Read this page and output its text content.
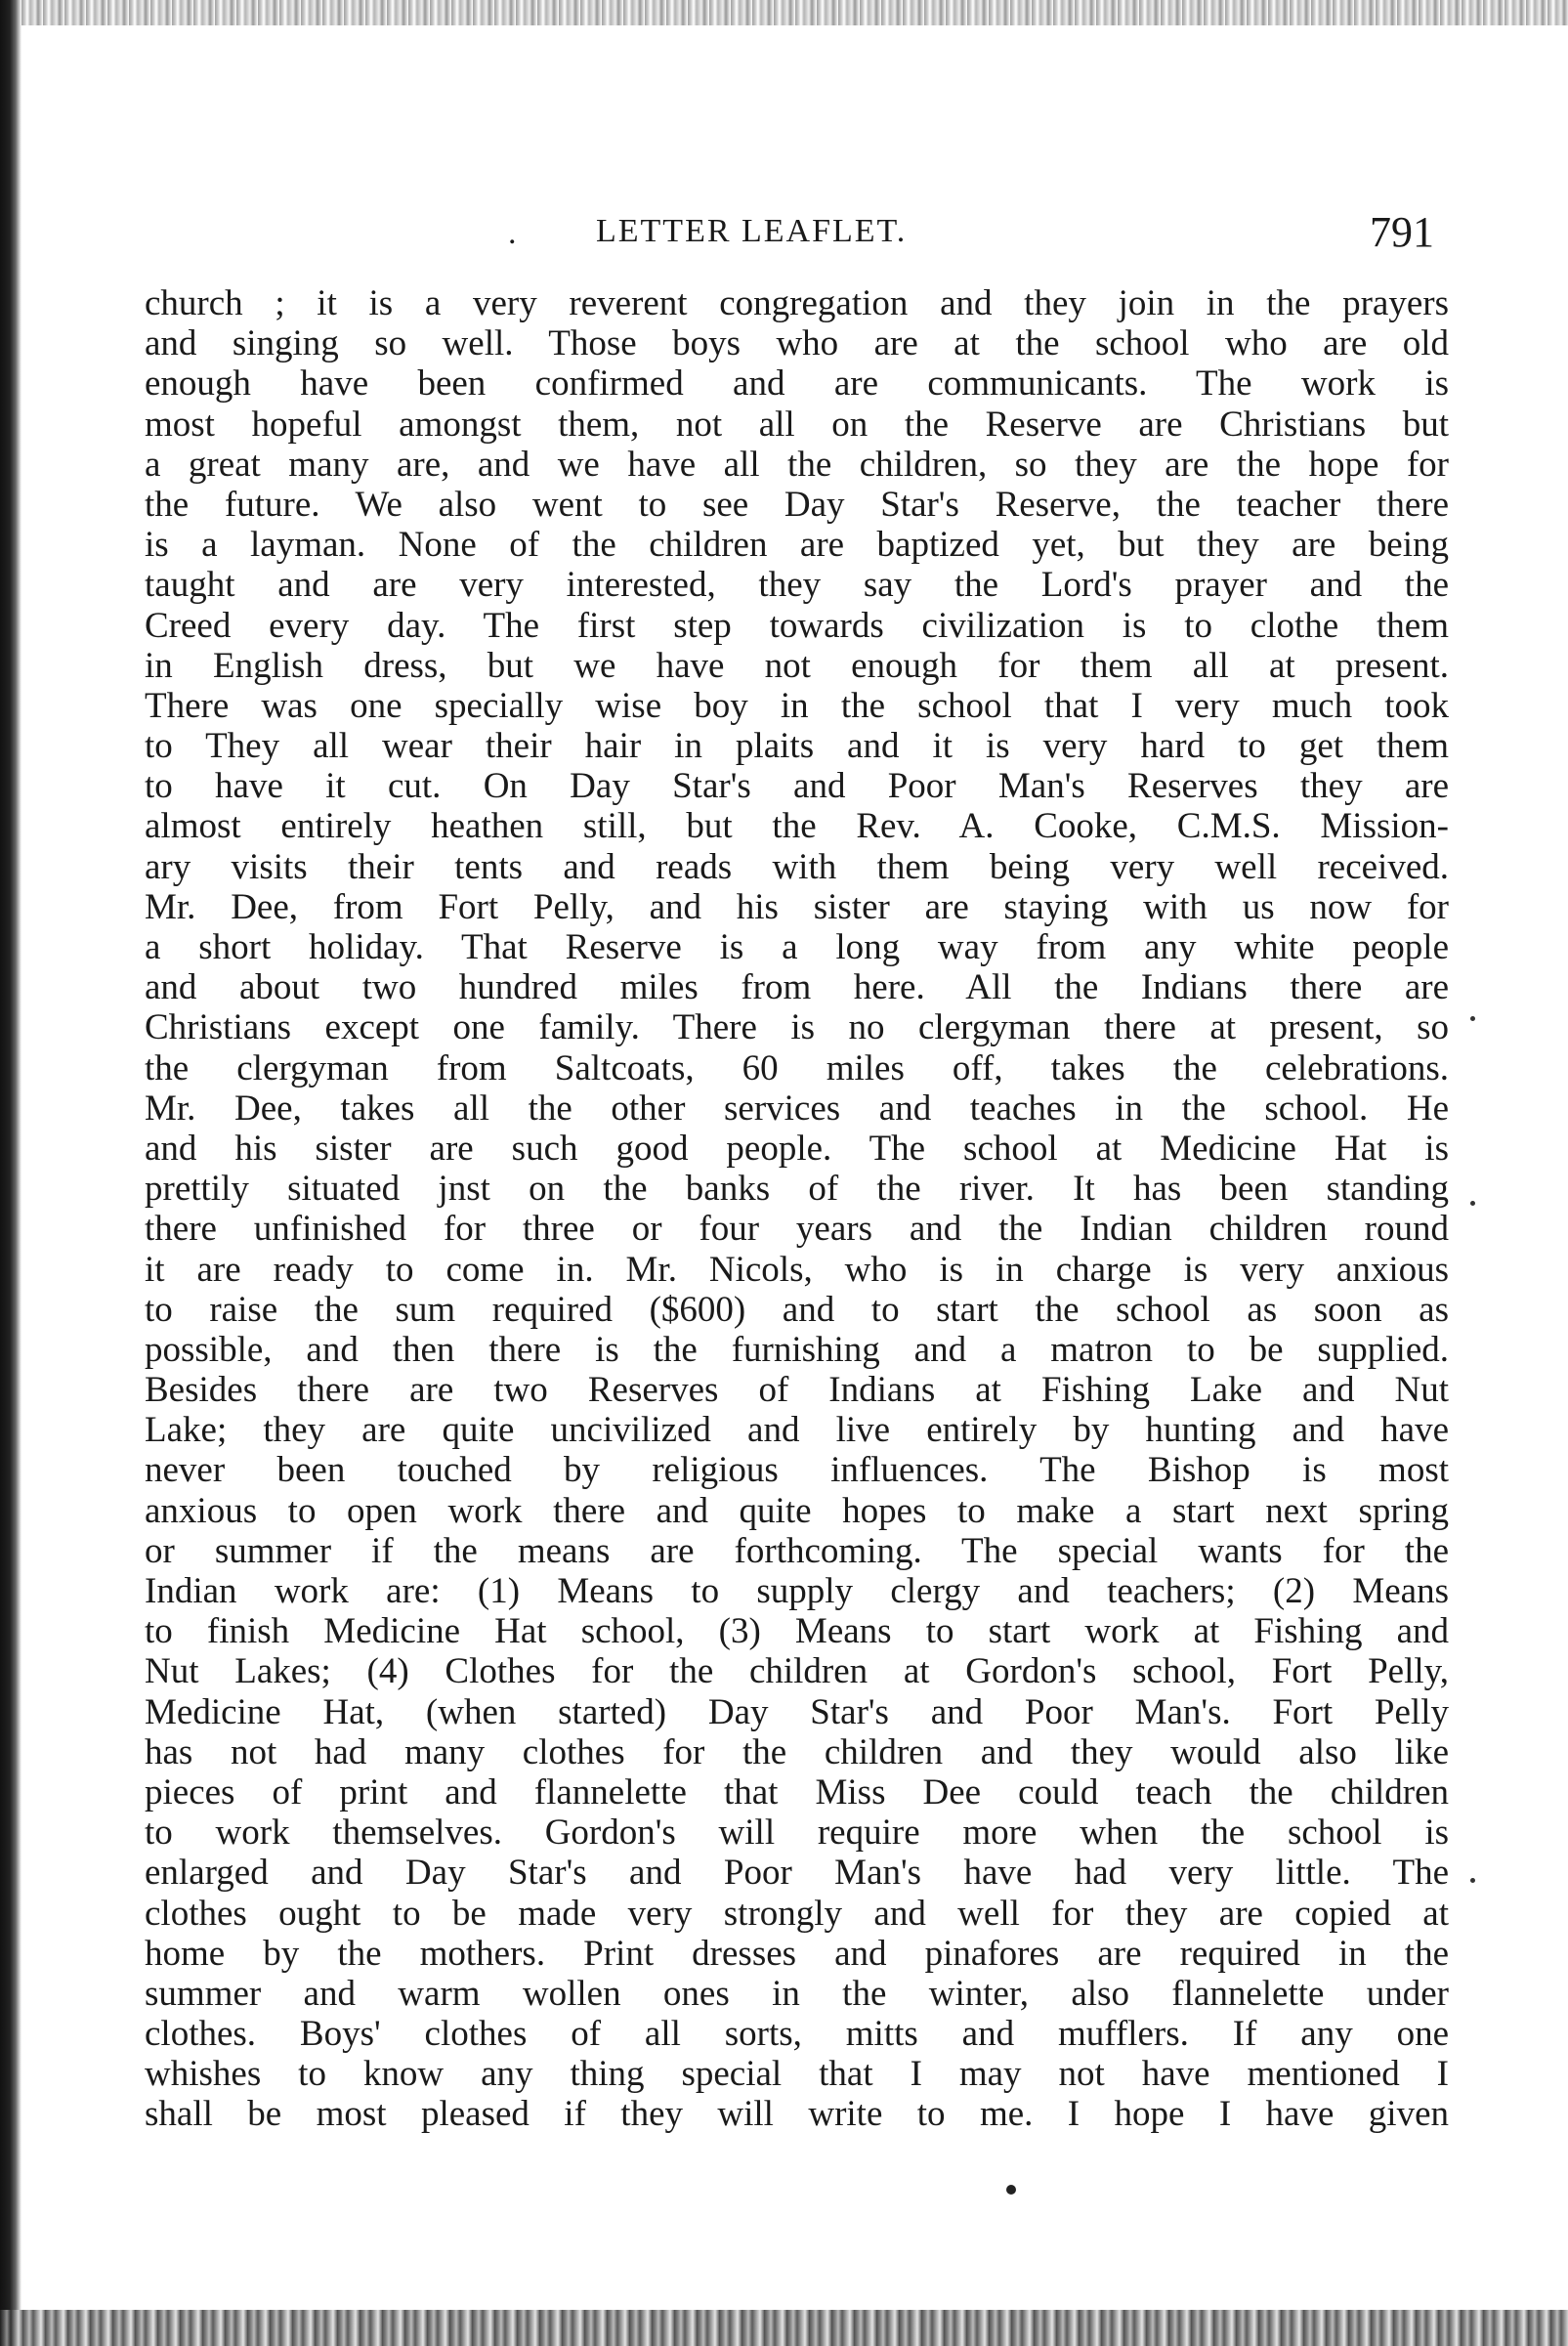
. LETTER LEAFLET.	791
church ; it is a very reverent congregation and they join in the prayers
and singing so well. Those boys who are at the school who are old
enough have been confirmed and are communicants. The work is
most hopeful amongst them, not all on the Reserve are Christians but
a great many are, and we have all the children, so they are the hope for
the future. We also went to see Day Star's Reserve, the teacher there
is a layman. None of the children are baptized yet, but they are being
taught and are very interested, they say the Lord's prayer and the
Creed every day. The first step towards civilization is to clothe them
in English dress, but we have not enough for them all at present.
There was one specially wise boy in the school that I very much took
to They all wear their hair in plaits and it is very hard to get them
to have it cut. On Day Star's and Poor Man's Reserves they are
almost entirely heathen still, but the Rev. A. Cooke, C.M.S. Mission-
ary visits their tents and reads with them being very well received.
Mr. Dee, from Fort Pelly, and his sister are staying with us now for
a short holiday. That Reserve is a long way from any white people
and about two hundred miles from here. All the Indians there are
Christians except one family. There is no clergyman there at present, so
the clergyman from Saltcoats, 60 miles off, takes the celebrations.
Mr. Dee, takes all the other services and teaches in the school. He
and his sister are such good people. The school at Medicine Hat is
prettily situated jnst on the banks of the river. It has been standing
there unfinished for three or four years and the Indian children round
it are ready to come in. Mr. Nicols, who is in charge is very anxious
to raise the sum required ($600) and to start the school as soon as
possible, and then there is the furnishing and a matron to be supplied.
Besides there are two Reserves of Indians at Fishing Lake and Nut
Lake; they are quite uncivilized and live entirely by hunting and have
never been touched by religious influences. The Bishop is most
anxious to open work there and quite hopes to make a start next spring
or summer if the means are forthcoming. The special wants for the
Indian work are: (1) Means to supply clergy and teachers; (2) Means
to finish Medicine Hat school, (3) Means to start work at Fishing and
Nut Lakes; (4) Clothes for the children at Gordon's school, Fort Pelly,
Medicine Hat, (when started) Day Star's and Poor Man's. Fort Pelly
has not had many clothes for the children and they would also like
pieces of print and flannelette that Miss Dee could teach the children
to work themselves. Gordon's will require more when the school is
enlarged and Day Star's and Poor Man's have had very little. The
clothes ought to be made very strongly and well for they are copied at
home by the mothers. Print dresses and pinafores are required in the
summer and warm wollen ones in the winter, also flannelette under
clothes. Boys' clothes of all sorts, mitts and mufflers. If any one
whishes to know any thing special that I may not have mentioned I
shall be most pleased if they will write to me. I hope I have given
